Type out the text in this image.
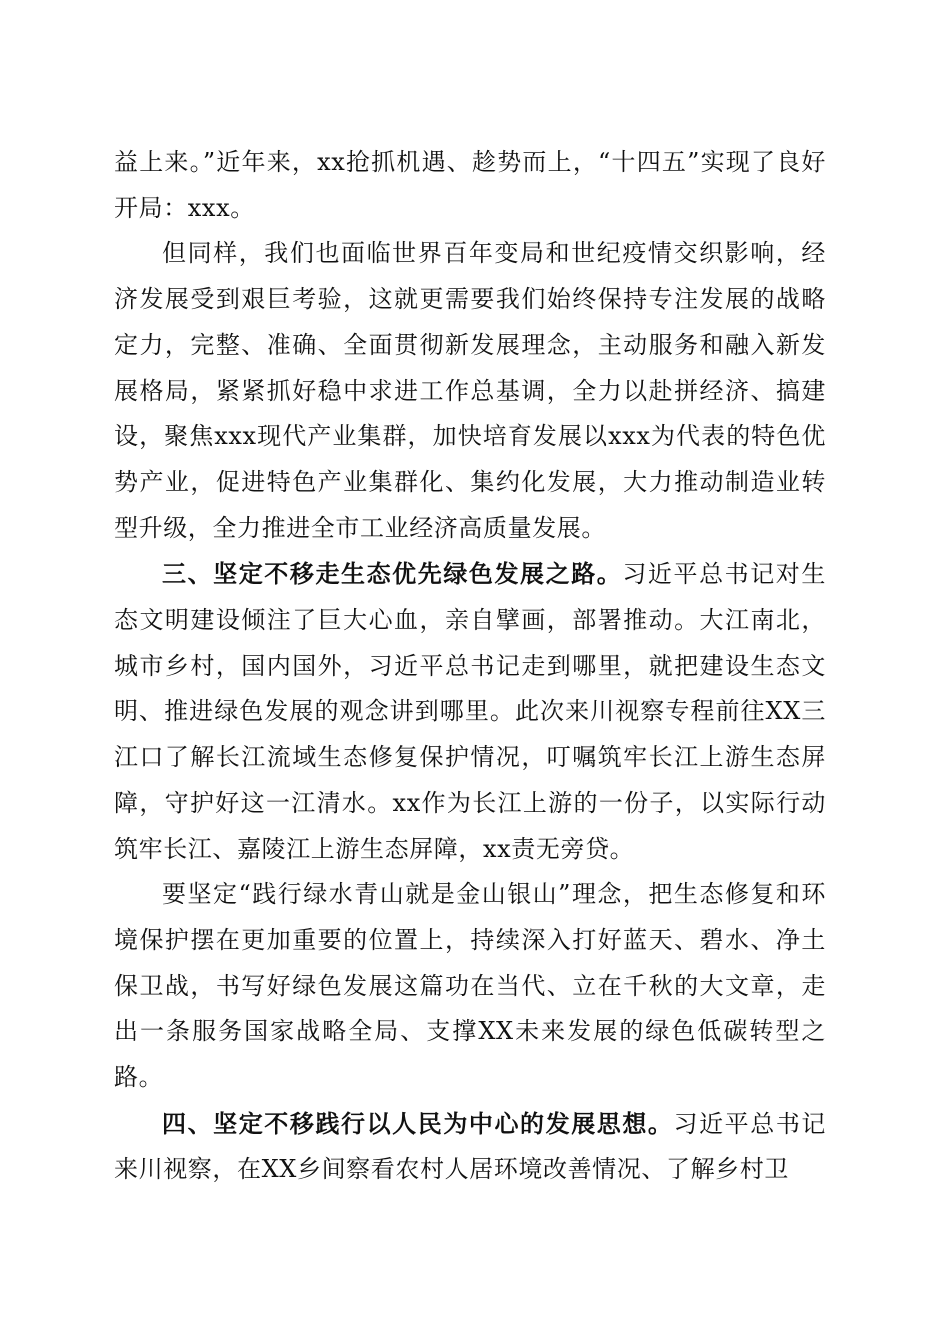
益上来。”近年来，xx抢抓机遇、趁势而上，“十四五”实现了良好开局：xxx。

但同样，我们也面临世界百年变局和世纪疫情交织影响，经济发展受到艰巨考验，这就更需要我们始终保持专注发展的战略定力，完整、准确、全面贯彻新发展理念，主动服务和融入新发展格局，紧紧抓好稳中求进工作总基调，全力以赴拼经济、搞建设，聚焦xxx现代产业集群，加快培育发展以xxx为代表的特色优势产业，促进特色产业集群化、集约化发展，大力推动制造业转型升级，全力推进全市工业经济高质量发展。

三、坚定不移走生态优先绿色发展之路。习近平总书记对生态文明建设倾注了巨大心血，亲自擘画，部署推动。大江南北，城市乡村，国内国外，习近平总书记走到哪里，就把建设生态文明、推进绿色发展的观念讲到哪里。此次来川视察专程前往XX三江口了解长江流域生态修复保护情况，叮嘱筑牢长江上游生态屏障，守护好这一江清水。xx作为长江上游的一份子，以实际行动筑牢长江、嘉陵江上游生态屏障，xx责无旁贷。

要坚定“践行绿水青山就是金山银山”理念，把生态修复和环境保护摆在更加重要的位置上，持续深入打好蓝天、碧水、净土保卫战，书写好绿色发展这篇功在当代、立在千秋的大文章，走出一条服务国家战略全局、支撑XX未来发展的绿色低碳转型之路。

四、坚定不移践行以人民为中心的发展思想。习近平总书记来川视察，在XX乡间察看农村人居环境改善情况、了解乡村卫
